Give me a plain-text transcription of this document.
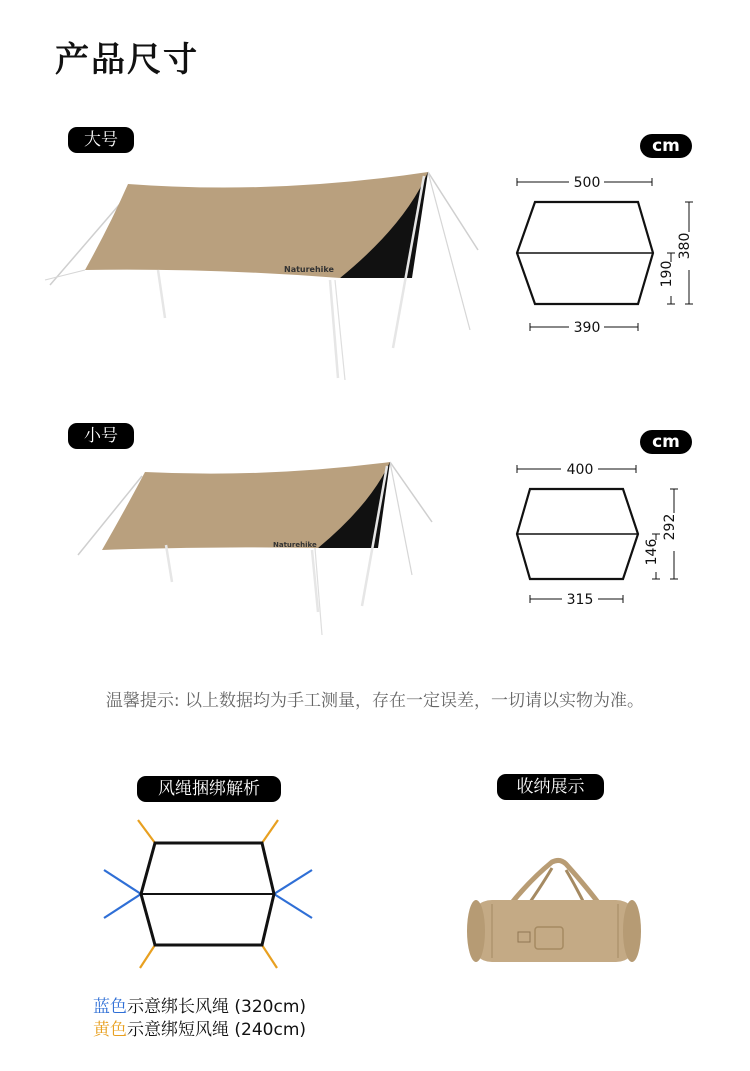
产品尺寸
大号	cm
Naturehike
500
390
190
380
小号	cm
Naturehike
400
315
146
292
温馨提示: 以上数据均为手工测量，存在一定误差，一切请以实物为准。
风绳捆绑解析
蓝色示意绑长风绳 (320cm)
黄色示意绑短风绳 (240cm)
收纳展示
